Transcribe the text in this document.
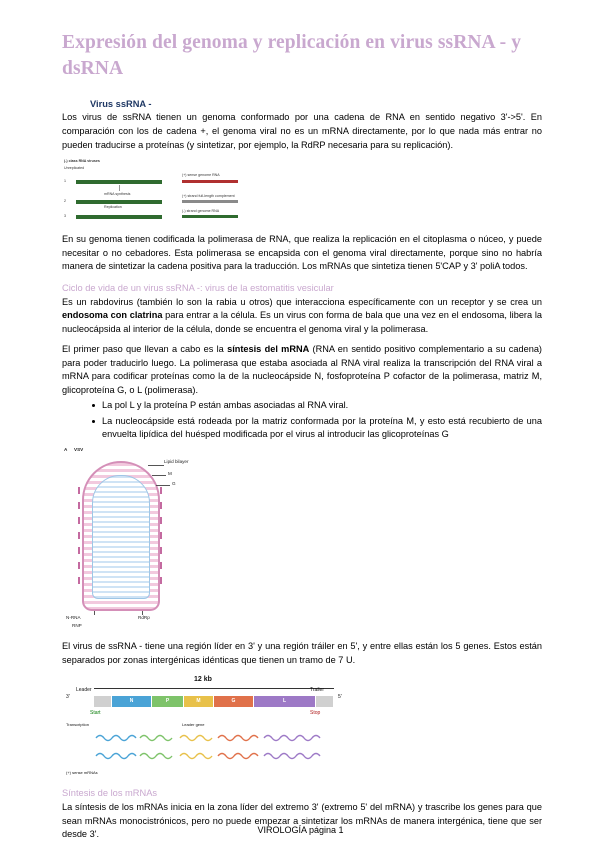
Expresión del genoma y replicación en virus ssRNA - y dsRNA
Virus ssRNA -

Los virus de ssRNA tienen un genoma conformado por una cadena de RNA en sentido negativo 3'->5'. En comparación con los de cadena +, el genoma viral no es un mRNA directamente, por lo que nada más entrar no pueden traducirse a proteínas (y sintetizar, por ejemplo, la RdRP necesaria para su replicación).

(-) class RNA viruses
Unreplicated
1
mRNA synthesis
(+) sense genome RNA
2
Replication
(+) strand full-length complement
3
(-) strand genome RNA

En su genoma tienen codificada la polimerasa de RNA, que realiza la replicación en el citoplasma o núceo, y puede necesitar o no cebadores. Esta polimerasa se encapsida con el genoma viral directamente, porque sino no habría manera de sintetizar la cadena positiva para la traducción. Los mRNAs que sintetiza tienen 5'CAP y 3' poliA todos.

Ciclo de vida de un virus ssRNA -: virus de la estomatitis vesicular

Es un rabdovirus (también lo son la rabia u otros) que interacciona específicamente con un receptor y se crea un endosoma con clatrina para entrar a la célula. Es un virus con forma de bala que una vez en el endosoma, libera la nucleocápsida al interior de la célula, donde se encuentra el genoma viral y la polimerasa.

El primer paso que llevan a cabo es la síntesis del mRNA (RNA en sentido positivo complementario a su cadena) para poder traducirlo luego. La polimerasa que estaba asociada al RNA viral realiza la transcripción del RNA viral a mRNA para codificar proteínas como la de la nucleocápside N, fosfoproteína P cofactor de la polimerasa, matriz M, glicoproteína G, o L (polimerasa).

La pol L y la proteína P están ambas asociadas al RNA viral.
La nucleocápside está rodeada por la matriz conformada por la proteína M, y esto está recubierto de una envuelta lipídica del huésped modificada por el virus al introducir las glicoproteínas G
A VSV
Lipid bilayer
M
G
N-RNA
RNP
RdRp

El virus de ssRNA - tiene una región líder en 3' y una región tráiler en 5', y entre ellas están los 5 genes. Estos están separados por zonas intergénicas idénticas que tienen un tramo de 7 U.

12 kb
3'	5'
Leader	Trailer
N	P	M	G	L
Start	Stop
Transcription	Leader gene
(+) sense mRNAs
Síntesis de los mRNAs

La síntesis de los mRNAs inicia en la zona líder del extremo 3' (extremo 5' del mRNA) y trascribe los genes para que sean mRNAs monocistrónicos, pero no puede empezar a sintetizar los mRNAs de manera intergénica, tiene que ser desde 3'.	VIROLOGÍA página 1
